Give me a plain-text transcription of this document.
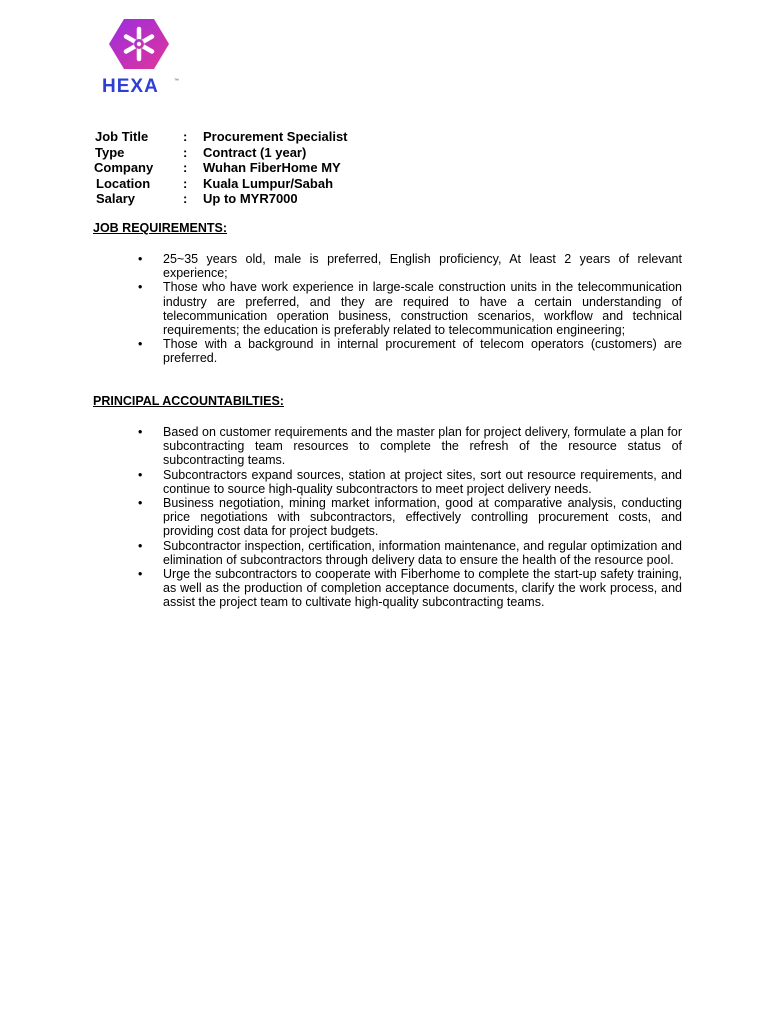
HEXA	™
Job Title	:	Procurement Specialist
Type	:	Contract (1 year)
Company	:	Wuhan FiberHome MY
Location	:	Kuala Lumpur/Sabah
Salary	:	Up to MYR7000
JOB REQUIREMENTS:
•	25~35 years old, male is preferred, English proficiency, At least 2 years of relevant experience;
•	Those who have work experience in large-scale construction units in the telecommunication industry are preferred, and they are required to have a certain understanding of telecommunication operation business, construction scenarios, workflow and technical requirements; the education is preferably related to telecommunication engineering;
•	Those with a background in internal procurement of telecom operators (customers) are preferred.
PRINCIPAL ACCOUNTABILTIES:
•	Based on customer requirements and the master plan for project delivery, formulate a plan for subcontracting team resources to complete the refresh of the resource status of subcontracting teams.
•	Subcontractors expand sources, station at project sites, sort out resource requirements, and continue to source high-quality subcontractors to meet project delivery needs.
•	Business negotiation, mining market information, good at comparative analysis, conducting price negotiations with subcontractors, effectively controlling procurement costs, and providing cost data for project budgets.
•	Subcontractor inspection, certification, information maintenance, and regular optimization and elimination of subcontractors through delivery data to ensure the health of the resource pool.
•	Urge the subcontractors to cooperate with Fiberhome to complete the start-up safety training, as well as the production of completion acceptance documents, clarify the work process, and assist the project team to cultivate high-quality subcontracting teams.
